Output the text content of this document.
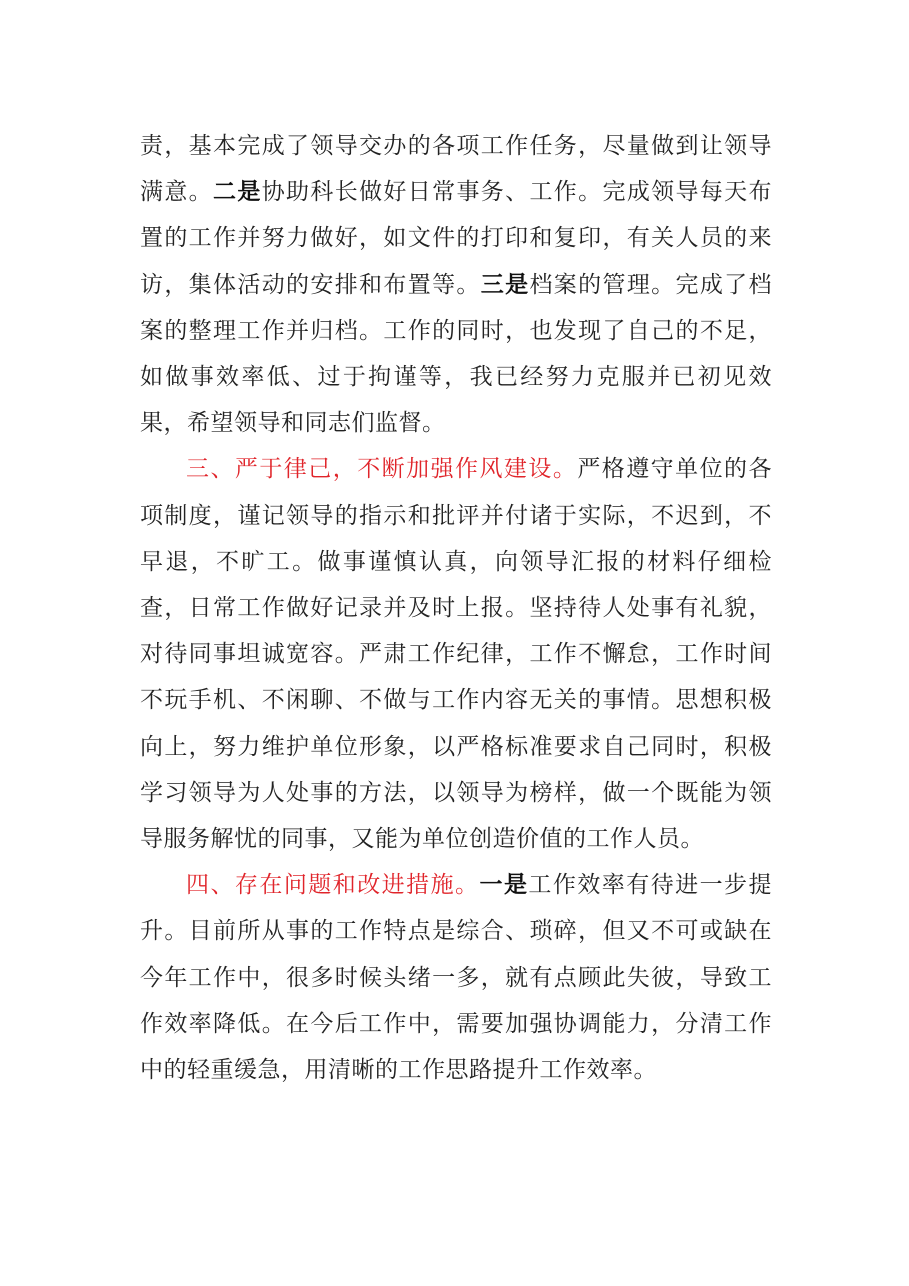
责，基本完成了领导交办的各项工作任务，尽量做到让领导满意。二是协助科长做好日常事务、工作。完成领导每天布置的工作并努力做好，如文件的打印和复印，有关人员的来访，集体活动的安排和布置等。三是档案的管理。完成了档案的整理工作并归档。工作的同时，也发现了自己的不足，如做事效率低、过于拘谨等，我已经努力克服并已初见效果，希望领导和同志们监督。

三、严于律己，不断加强作风建设。严格遵守单位的各项制度，谨记领导的指示和批评并付诸于实际，不迟到，不早退，不旷工。做事谨慎认真，向领导汇报的材料仔细检查，日常工作做好记录并及时上报。坚持待人处事有礼貌，对待同事坦诚宽容。严肃工作纪律，工作不懈怠，工作时间不玩手机、不闲聊、不做与工作内容无关的事情。思想积极向上，努力维护单位形象，以严格标准要求自己同时，积极学习领导为人处事的方法，以领导为榜样，做一个既能为领导服务解忧的同事，又能为单位创造价值的工作人员。

四、存在问题和改进措施。一是工作效率有待进一步提升。目前所从事的工作特点是综合、琐碎，但又不可或缺在今年工作中，很多时候头绪一多，就有点顾此失彼，导致工作效率降低。在今后工作中，需要加强协调能力，分清工作中的轻重缓急，用清晰的工作思路提升工作效率。
